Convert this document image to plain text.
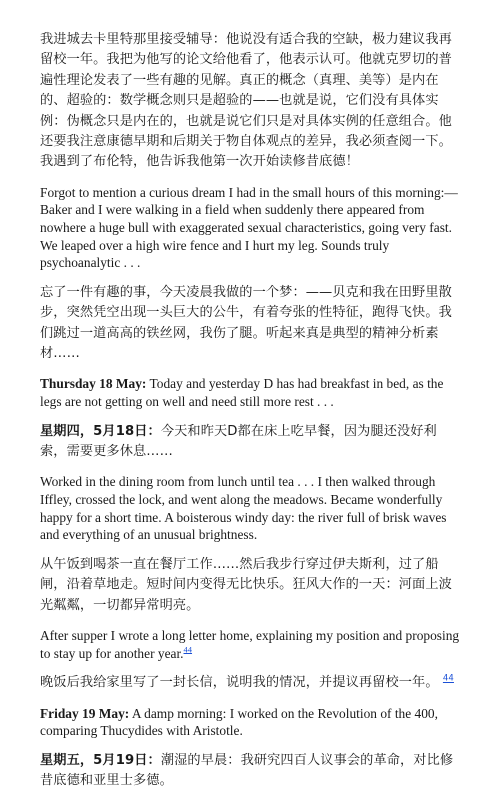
我进城去卡里特那里接受辅导：他说没有适合我的空缺，极力建议我再留校一年。我把为他写的论文给他看了，他表示认可。他就克罗切的普遍性理论发表了一些有趣的见解。真正的概念（真理、美等）是内在的、超验的：数学概念则只是超验的——也就是说，它们没有具体实例：伪概念只是内在的，也就是说它们只是对具体实例的任意组合。他还要我注意康德早期和后期关于物自体观点的差异，我必须查阅一下。我遇到了布伦特，他告诉我他第一次开始读修昔底德！

Forgot to mention a curious dream I had in the small hours of this morning:— Baker and I were walking in a field when suddenly there appeared from nowhere a huge bull with exaggerated sexual characteristics, going very fast. We leaped over a high wire fence and I hurt my leg. Sounds truly psychoanalytic . . .

忘了一件有趣的事，今天凌晨我做的一个梦：——贝克和我在田野里散步，突然凭空出现一头巨大的公牛，有着夸张的性特征，跑得飞快。我们跳过一道高高的铁丝网，我伤了腿。听起来真是典型的精神分析素材……

Thursday 18 May: Today and yesterday D has had breakfast in bed, as the legs are not getting on well and need still more rest . . .

星期四，5月18日：今天和昨天D都在床上吃早餐，因为腿还没好利索，需要更多休息……

Worked in the dining room from lunch until tea . . . I then walked through Iffley, crossed the lock, and went along the meadows. Became wonderfully happy for a short time. A boisterous windy day: the river full of brisk waves and everything of an unusual brightness.

从午饭到喝茶一直在餐厅工作……然后我步行穿过伊夫斯利，过了船闸，沿着草地走。短时间内变得无比快乐。狂风大作的一天：河面上波光粼粼，一切都异常明亮。

After supper I wrote a long letter home, explaining my position and proposing to stay up for another year.$^{44}$

晚饭后我给家里写了一封长信，说明我的情况，并提议再留校一年。 $^{44}$

Friday 19 May: A damp morning: I worked on the Revolution of the 400, comparing Thucydides with Aristotle.

星期五，5月19日：潮湿的早晨：我研究四百人议事会的革命，对比修昔底德和亚里士多德。
